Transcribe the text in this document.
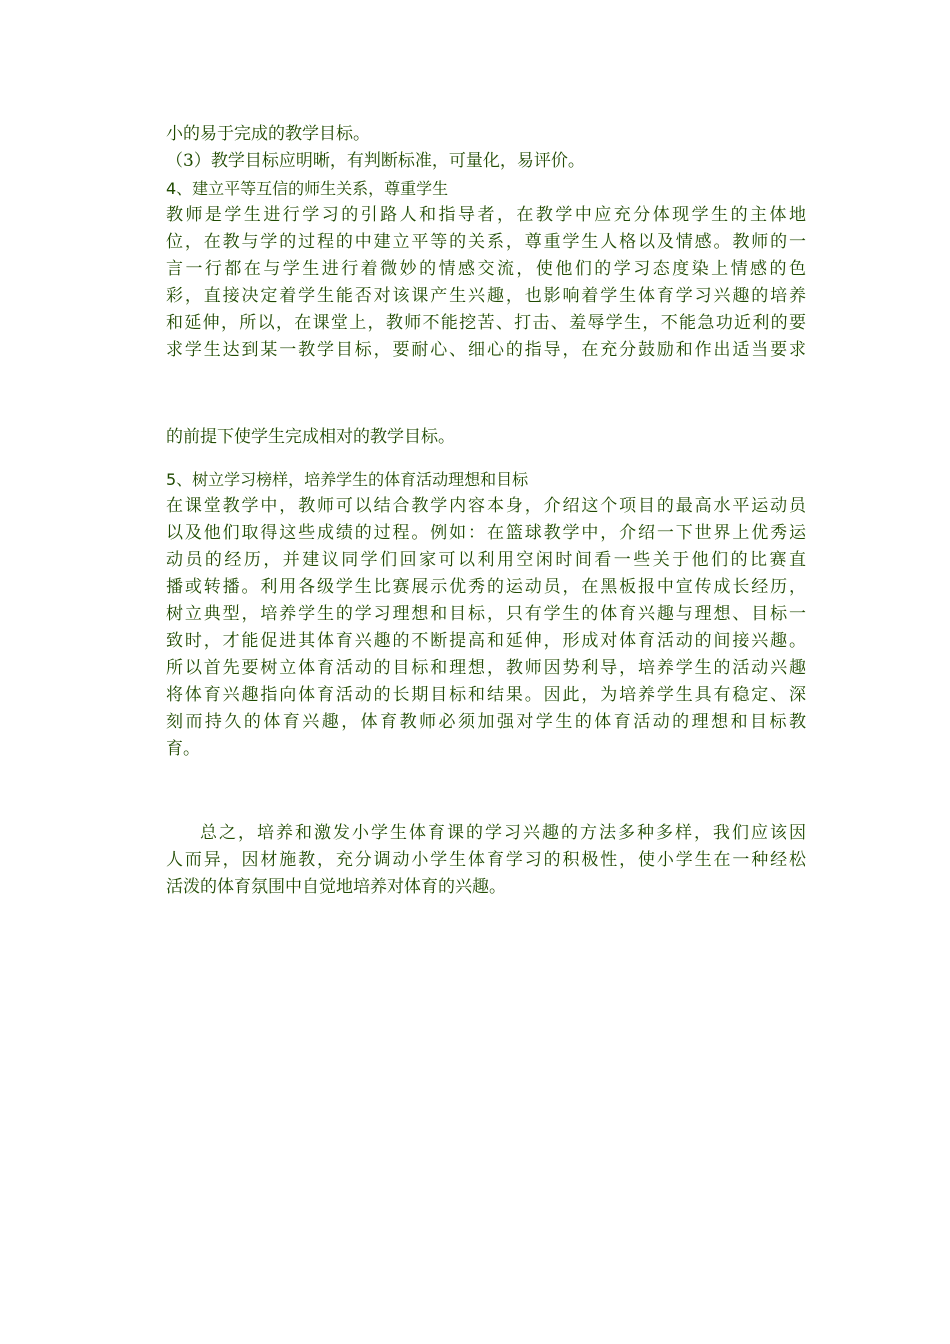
小的易于完成的教学目标。
（3）教学目标应明晰，有判断标准，可量化，易评价。
4、建立平等互信的师生关系，尊重学生
教师是学生进行学习的引路人和指导者，在教学中应充分体现学生的主体地
位，在教与学的过程的中建立平等的关系，尊重学生人格以及情感。教师的一
言一行都在与学生进行着微妙的情感交流，使他们的学习态度染上情感的色
彩，直接决定着学生能否对该课产生兴趣，也影响着学生体育学习兴趣的培养
和延伸，所以，在课堂上，教师不能挖苦、打击、羞辱学生，不能急功近利的要
求学生达到某一教学目标，要耐心、细心的指导，在充分鼓励和作出适当要求
的前提下使学生完成相对的教学目标。
5、树立学习榜样，培养学生的体育活动理想和目标
在课堂教学中，教师可以结合教学内容本身，介绍这个项目的最高水平运动员
以及他们取得这些成绩的过程。例如：在篮球教学中，介绍一下世界上优秀运
动员的经历，并建议同学们回家可以利用空闲时间看一些关于他们的比赛直
播或转播。利用各级学生比赛展示优秀的运动员，在黑板报中宣传成长经历，
树立典型，培养学生的学习理想和目标，只有学生的体育兴趣与理想、目标一
致时，才能促进其体育兴趣的不断提高和延伸，形成对体育活动的间接兴趣。
所以首先要树立体育活动的目标和理想，教师因势利导，培养学生的活动兴趣
将体育兴趣指向体育活动的长期目标和结果。因此，为培养学生具有稳定、深
刻而持久的体育兴趣，体育教师必须加强对学生的体育活动的理想和目标教
育。
总之，培养和激发小学生体育课的学习兴趣的方法多种多样，我们应该因
人而异，因材施教，充分调动小学生体育学习的积极性，使小学生在一种经松
活泼的体育氛围中自觉地培养对体育的兴趣。
